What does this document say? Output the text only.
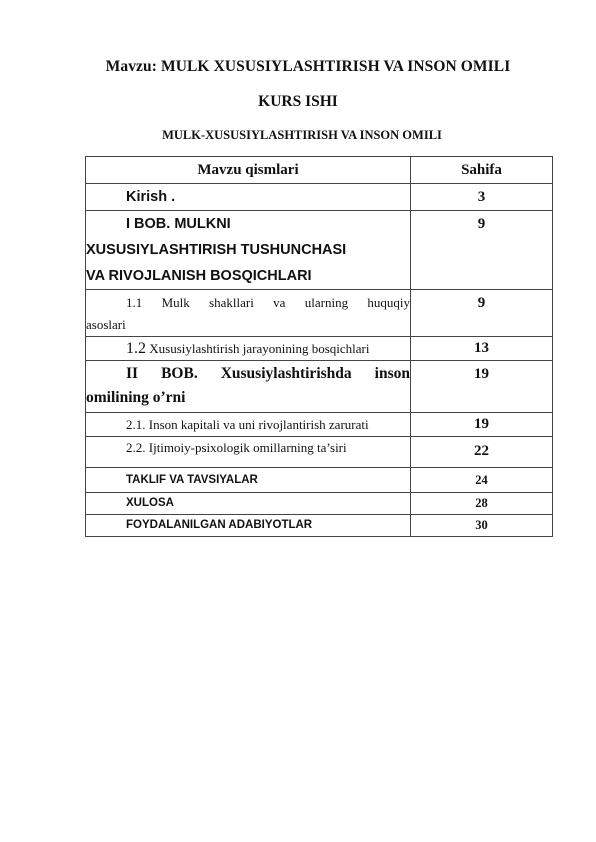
Mavzu: MULK XUSUSIYLASHTIRISH VA INSON OMILI
KURS ISHI
MULK-XUSUSIYLASHTIRISH VA INSON OMILI
Mavzu qismlari	Sahifa
Kirish .	3

I BOB. MULKNI
XUSUSIYLASHTIRISH TUSHUNCHASI
VA RIVOJLANISH BOSQICHLARI	9

1.1 Mulk shakllari va ularning huquqiy
asoslari	9
1.2 Xususiylashtirish jarayonining bosqichlari	13

II BOB. Xususiylashtirishda inson
omilining o’rni	19
2.1. Inson kapitali va uni rivojlantirish zarurati	19
2.2. Ijtimoiy-psixologik omillarning ta’siri	22
TAKLIF VA TAVSIYALAR	24
XULOSA	28
FOYDALANILGAN ADABIYOTLAR	30
